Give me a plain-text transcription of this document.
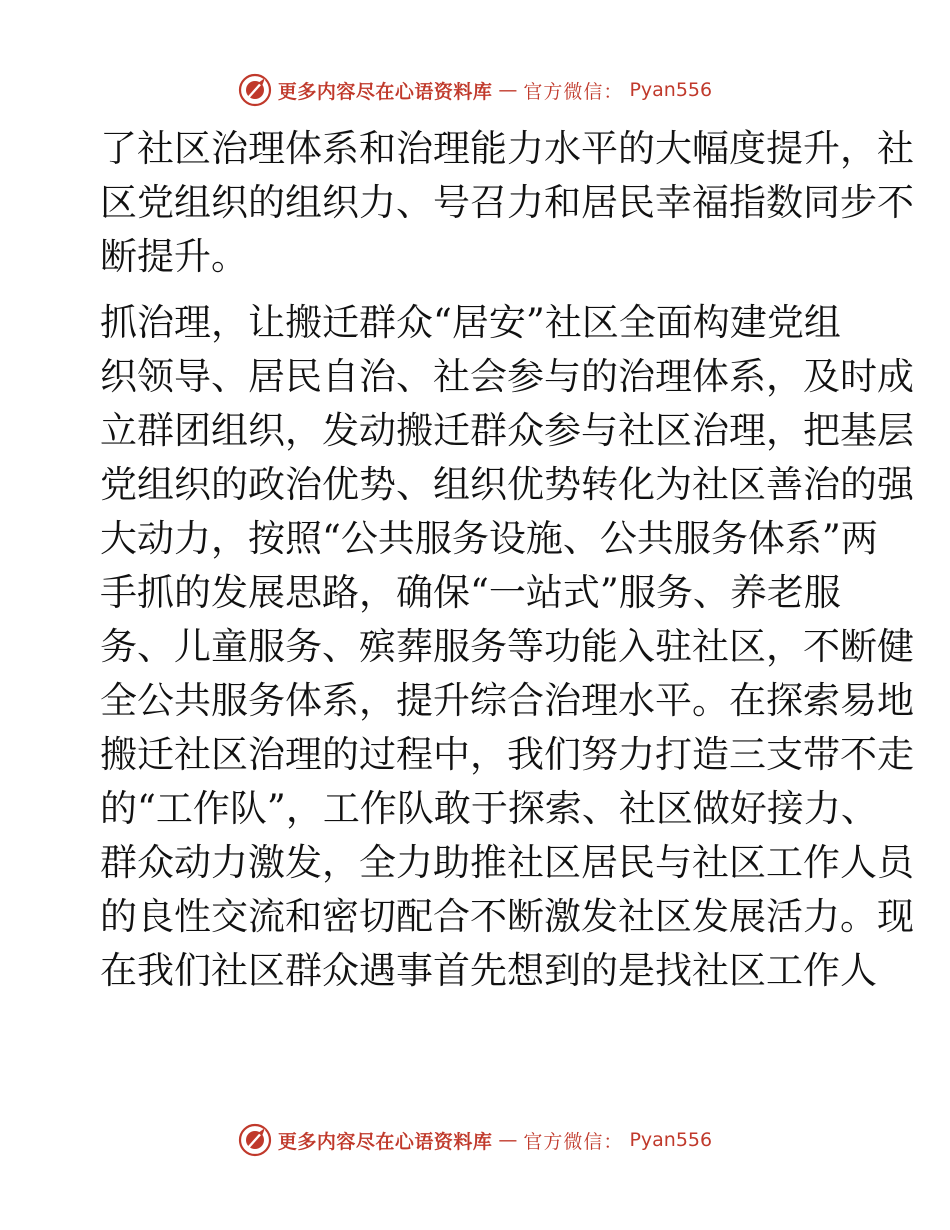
更多内容尽在心语资料库 — 官方微信： Pyan556
了社区治理体系和治理能力水平的大幅度提升，社
区党组织的组织力、号召力和居民幸福指数同步不
断提升。
抓治理，让搬迁群众“居安”社区全面构建党组
织领导、居民自治、社会参与的治理体系，及时成
立群团组织，发动搬迁群众参与社区治理，把基层
党组织的政治优势、组织优势转化为社区善治的强
大动力，按照“公共服务设施、公共服务体系”两
手抓的发展思路，确保“一站式”服务、养老服
务、儿童服务、殡葬服务等功能入驻社区，不断健
全公共服务体系，提升综合治理水平。在探索易地
搬迁社区治理的过程中，我们努力打造三支带不走
的“工作队”，工作队敢于探索、社区做好接力、
群众动力激发，全力助推社区居民与社区工作人员
的良性交流和密切配合不断激发社区发展活力。现
在我们社区群众遇事首先想到的是找社区工作人
更多内容尽在心语资料库 — 官方微信： Pyan556
